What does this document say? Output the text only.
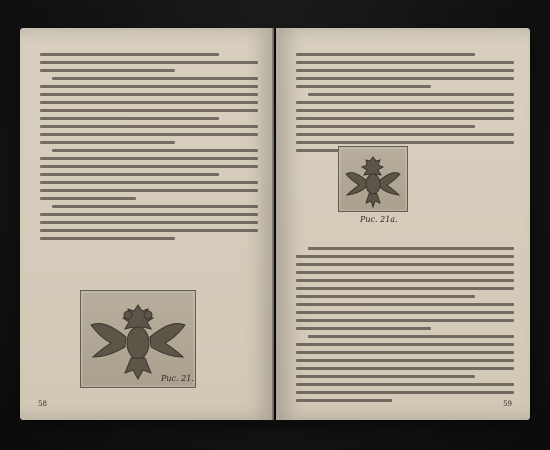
Рис. 21.
58
Рис. 21а.
59
